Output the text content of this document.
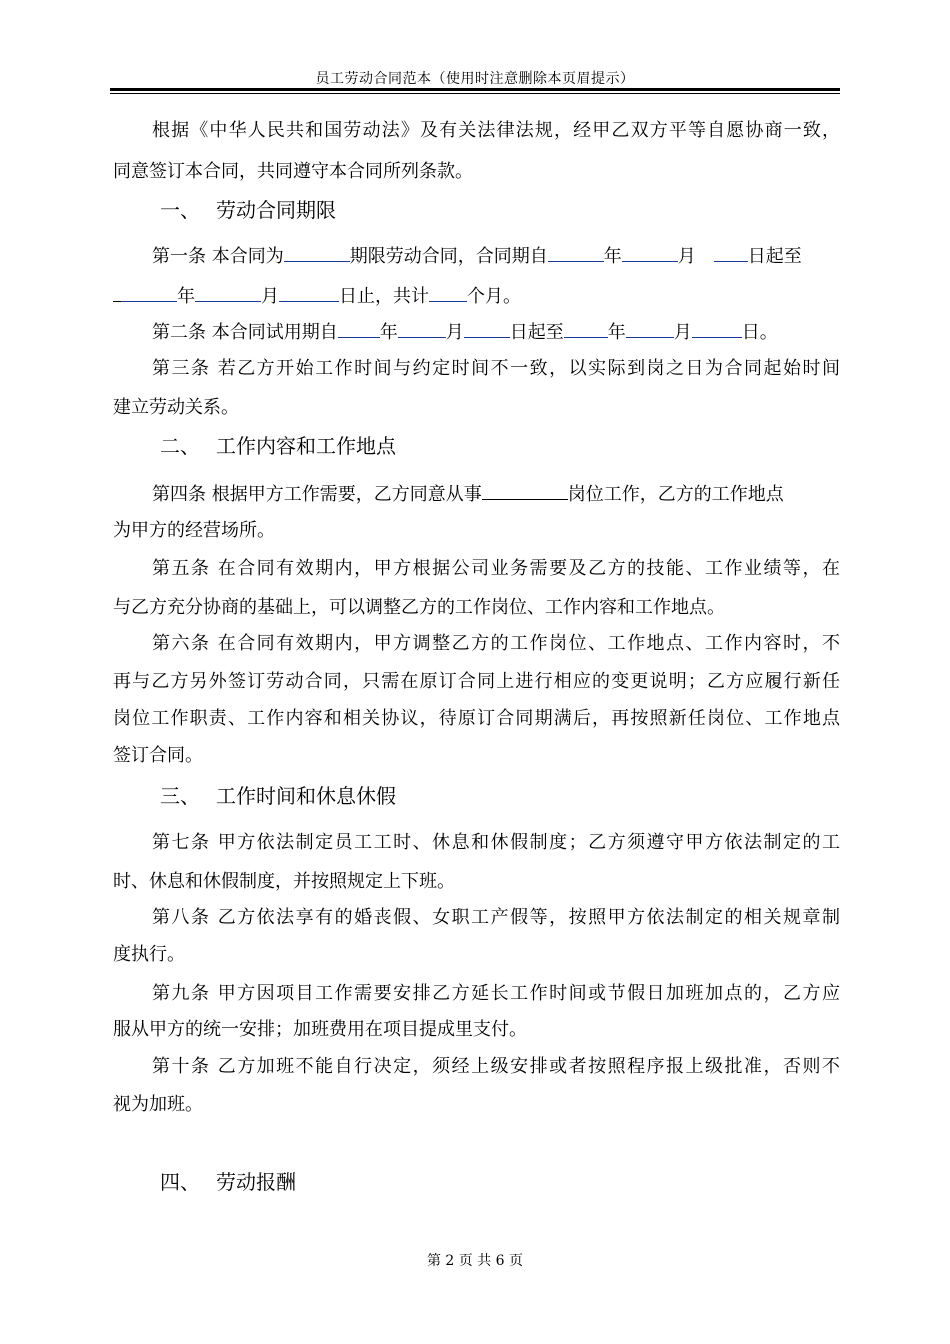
员工劳动合同范本（使用时注意删除本页眉提示）
根据《中华人民共和国劳动法》及有关法律法规，经甲乙双方平等自愿协商一致，
同意签订本合同，共同遵守本合同所列条款。
一、 劳动合同期限
第一条 本合同为	期限劳动合同，合同期自	年	月	日起至
年	月	日止，共计 个月。
第二条 本合同试用期自 年	月	日起至 年	月	日。
第三条 若乙方开始工作时间与约定时间不一致，以实际到岗之日为合同起始时间
建立劳动关系。
二、 工作内容和工作地点
第四条 根据甲方工作需要，乙方同意从事	岗位工作，乙方的工作地点
为甲方的经营场所。
第五条 在合同有效期内，甲方根据公司业务需要及乙方的技能、工作业绩等，在
与乙方充分协商的基础上，可以调整乙方的工作岗位、工作内容和工作地点。
第六条 在合同有效期内，甲方调整乙方的工作岗位、工作地点、工作内容时，不
再与乙方另外签订劳动合同，只需在原订合同上进行相应的变更说明；乙方应履行新任
岗位工作职责、工作内容和相关协议，待原订合同期满后，再按照新任岗位、工作地点
签订合同。
三、 工作时间和休息休假
第七条 甲方依法制定员工工时、休息和休假制度；乙方须遵守甲方依法制定的工
时、休息和休假制度，并按照规定上下班。
第八条 乙方依法享有的婚丧假、女职工产假等，按照甲方依法制定的相关规章制
度执行。
第九条 甲方因项目工作需要安排乙方延长工作时间或节假日加班加点的，乙方应
服从甲方的统一安排；加班费用在项目提成里支付。
第十条 乙方加班不能自行决定，须经上级安排或者按照程序报上级批准，否则不
视为加班。
四、 劳动报酬
第 2 页 共 6 页
